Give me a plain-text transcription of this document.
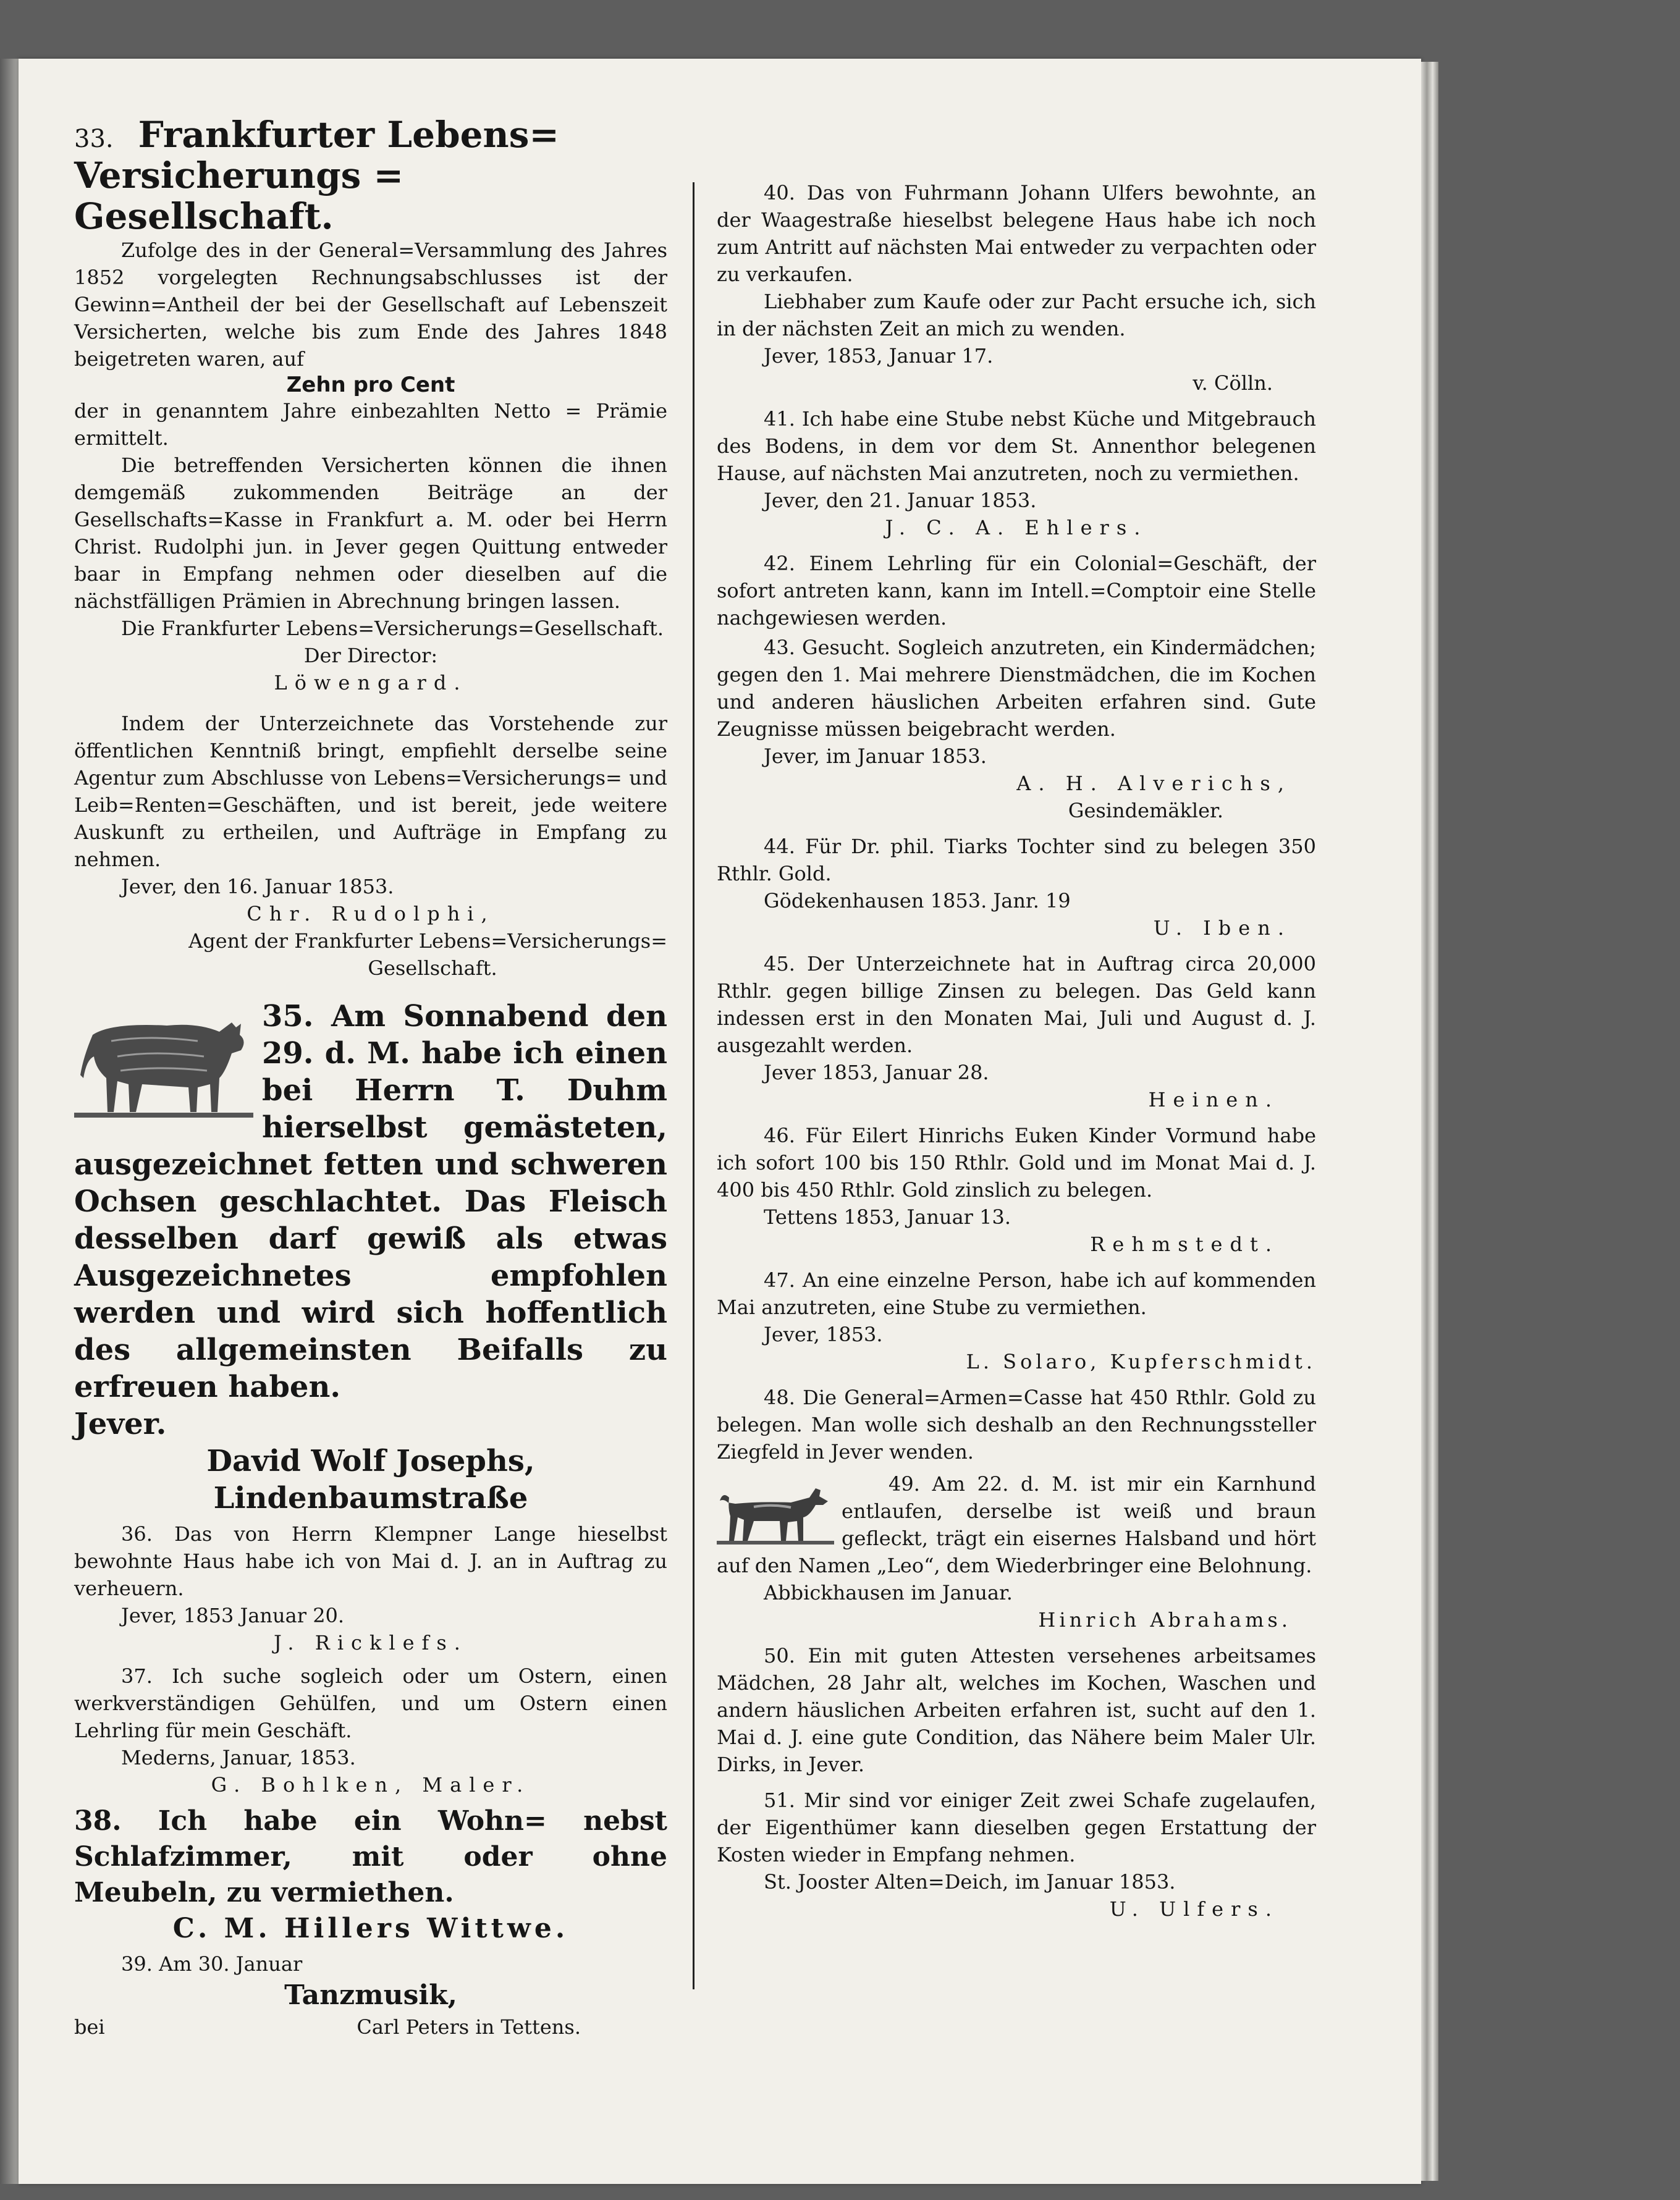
33. Frankfurter Lebens=

Versicherungs = Gesellschaft.

Zufolge des in der General=Versammlung des Jahres 1852 vorgelegten Rechnungsabschlusses ist der Gewinn=Antheil der bei der Gesellschaft auf Lebenszeit Versicherten, welche bis zum Ende des Jahres 1848 beigetreten waren, auf

Zehn pro Cent

der in genanntem Jahre einbezahlten Netto = Prämie ermittelt.

Die betreffenden Versicherten können die ihnen demgemäß zukommenden Beiträge an der Gesellschafts=Kasse in Frankfurt a. M. oder bei Herrn Christ. Rudolphi jun. in Jever gegen Quittung entweder baar in Empfang nehmen oder dieselben auf die nächstfälligen Prämien in Abrechnung bringen lassen.

Die Frankfurter Lebens=Versicherungs=Gesellschaft.

Der Director:

Löwengard.

Indem der Unterzeichnete das Vorstehende zur öffentlichen Kenntniß bringt, empfiehlt derselbe seine Agentur zum Abschlusse von Lebens=Versicherungs= und Leib=Renten=Geschäften, und ist bereit, jede weitere Auskunft zu ertheilen, und Aufträge in Empfang zu nehmen.

Jever, den 16. Januar 1853.

Chr. Rudolphi,

Agent der Frankfurter Lebens=Versicherungs=

Gesellschaft.

35. Am Sonnabend den 29. d. M. habe ich einen bei Herrn T. Duhm hierselbst gemästeten, ausgezeichnet fetten und schweren Ochsen geschlachtet. Das Fleisch desselben darf gewiß als etwas Ausgezeichnetes empfohlen werden und wird sich hoffentlich des allgemeinsten Beifalls zu erfreuen haben.

Jever.

David Wolf Josephs,

Lindenbaumstraße

36. Das von Herrn Klempner Lange hieselbst bewohnte Haus habe ich von Mai d. J. an in Auftrag zu verheuern.

Jever, 1853 Januar 20.

J. Ricklefs.

37. Ich suche sogleich oder um Ostern, einen werkverständigen Gehülfen, und um Ostern einen Lehrling für mein Geschäft.

Mederns, Januar, 1853.

G. Bohlken, Maler.

38. Ich habe ein Wohn= nebst Schlafzimmer, mit oder ohne Meubeln, zu vermiethen.

C. M. Hillers Wittwe.

39. Am 30. Januar

Tanzmusik,

bei	Carl Peters in Tettens.

40. Das von Fuhrmann Johann Ulfers bewohnte, an der Waagestraße hieselbst belegene Haus habe ich noch zum Antritt auf nächsten Mai entweder zu verpachten oder zu verkaufen.

Liebhaber zum Kaufe oder zur Pacht ersuche ich, sich in der nächsten Zeit an mich zu wenden.

Jever, 1853, Januar 17.

v. Cölln.

41. Ich habe eine Stube nebst Küche und Mitgebrauch des Bodens, in dem vor dem St. Annenthor belegenen Hause, auf nächsten Mai anzutreten, noch zu vermiethen.

Jever, den 21. Januar 1853.

J. C. A. Ehlers.

42. Einem Lehrling für ein Colonial=Geschäft, der sofort antreten kann, kann im Intell.=Comptoir eine Stelle nachgewiesen werden.

43. Gesucht. Sogleich anzutreten, ein Kindermädchen; gegen den 1. Mai mehrere Dienstmädchen, die im Kochen und anderen häuslichen Arbeiten erfahren sind. Gute Zeugnisse müssen beigebracht werden.

Jever, im Januar 1853.

A. H. Alverichs,

Gesindemäkler.

44. Für Dr. phil. Tiarks Tochter sind zu belegen 350 Rthlr. Gold.

Gödekenhausen 1853. Janr. 19

U. Iben.

45. Der Unterzeichnete hat in Auftrag circa 20,000 Rthlr. gegen billige Zinsen zu belegen. Das Geld kann indessen erst in den Monaten Mai, Juli und August d. J. ausgezahlt werden.

Jever 1853, Januar 28.

Heinen.

46. Für Eilert Hinrichs Euken Kinder Vormund habe ich sofort 100 bis 150 Rthlr. Gold und im Monat Mai d. J. 400 bis 450 Rthlr. Gold zinslich zu belegen.

Tettens 1853, Januar 13.

Rehmstedt.

47. An eine einzelne Person, habe ich auf kommenden Mai anzutreten, eine Stube zu vermiethen.

Jever, 1853.

L. Solaro, Kupferschmidt.

48. Die General=Armen=Casse hat 450 Rthlr. Gold zu belegen. Man wolle sich deshalb an den Rechnungssteller Ziegfeld in Jever wenden.

49. Am 22. d. M. ist mir ein Karnhund entlaufen, derselbe ist weiß und braun gefleckt, trägt ein eisernes Halsband und hört auf den Namen „Leo“, dem Wiederbringer eine Belohnung.

Abbickhausen im Januar.

Hinrich Abrahams.

50. Ein mit guten Attesten versehenes arbeitsames Mädchen, 28 Jahr alt, welches im Kochen, Waschen und andern häuslichen Arbeiten erfahren ist, sucht auf den 1. Mai d. J. eine gute Condition, das Nähere beim Maler Ulr. Dirks, in Jever.

51. Mir sind vor einiger Zeit zwei Schafe zugelaufen, der Eigenthümer kann dieselben gegen Erstattung der Kosten wieder in Empfang nehmen.

St. Jooster Alten=Deich, im Januar 1853.

U. Ulfers.
